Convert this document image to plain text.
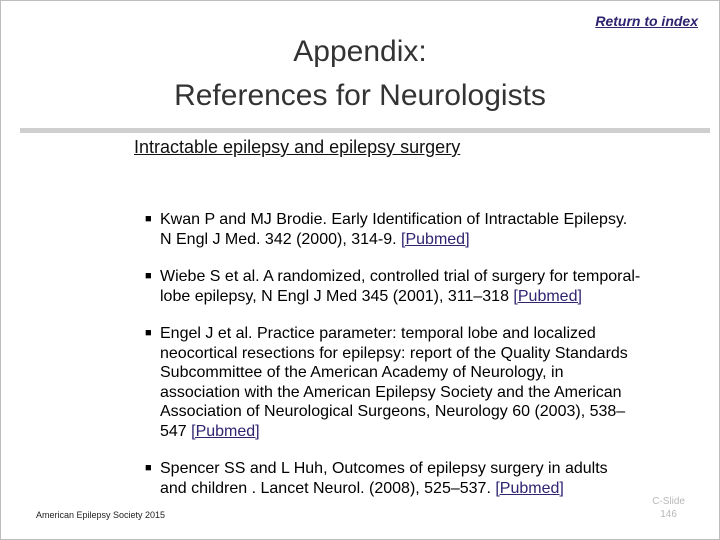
Return to index
Appendix:
References for Neurologists
Intractable epilepsy and epilepsy surgery
■ Kwan P and MJ Brodie. Early Identification of Intractable Epilepsy.
N Engl J Med. 342 (2000), 314-9. [Pubmed]
■ Wiebe S et al. A randomized, controlled trial of surgery for temporal-
lobe epilepsy, N Engl J Med 345 (2001), 311–318 [Pubmed]
■ Engel J et al. Practice parameter: temporal lobe and localized
neocortical resections for epilepsy: report of the Quality Standards
Subcommittee of the American Academy of Neurology, in
association with the American Epilepsy Society and the American
Association of Neurological Surgeons, Neurology 60 (2003), 538–
547 [Pubmed]
■ Spencer SS and L Huh, Outcomes of epilepsy surgery in adults
and children . Lancet Neurol. (2008), 525–537. [Pubmed]
American Epilepsy Society 2015
C-Slide
146
